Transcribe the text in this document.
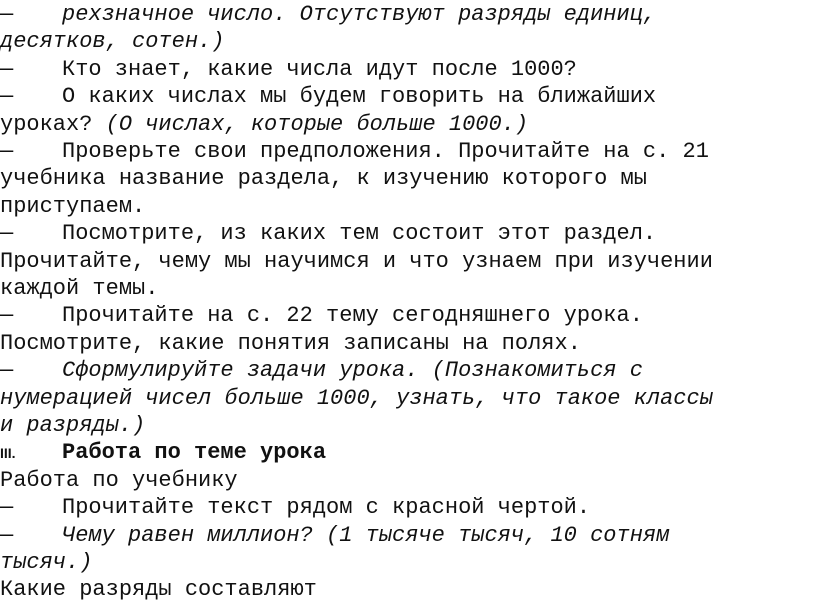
— рехзначное число. Отсутствуют разряды единиц,
десятков, сотен.)
— Кто знает, какие числа идут после 1000?
— О каких числах мы будем говорить на ближайших
уроках? (О числах, которые больше 1000.)
— Проверьте свои предположения. Прочитайте на с. 21
учебника название раздела, к изучению которого мы
приступаем.
— Посмотрите, из каких тем состоит этот раздел.
Прочитайте, чему мы научимся и что узнаем при изучении
каждой темы.
— Прочитайте на с. 22 тему сегодняшнего урока.
Посмотрите, какие понятия записаны на полях.
— Сформулируйте задачи урока. (Познакомиться с
нумерацией чисел больше 1000, узнать, что такое классы
и разряды.)
III. Работа по теме урока
Работа по учебнику
— Прочитайте текст рядом с красной чертой.
— Чему равен миллион? (1 тысяче тысяч, 10 сотням
тысяч.)
Какие разряды составляют
